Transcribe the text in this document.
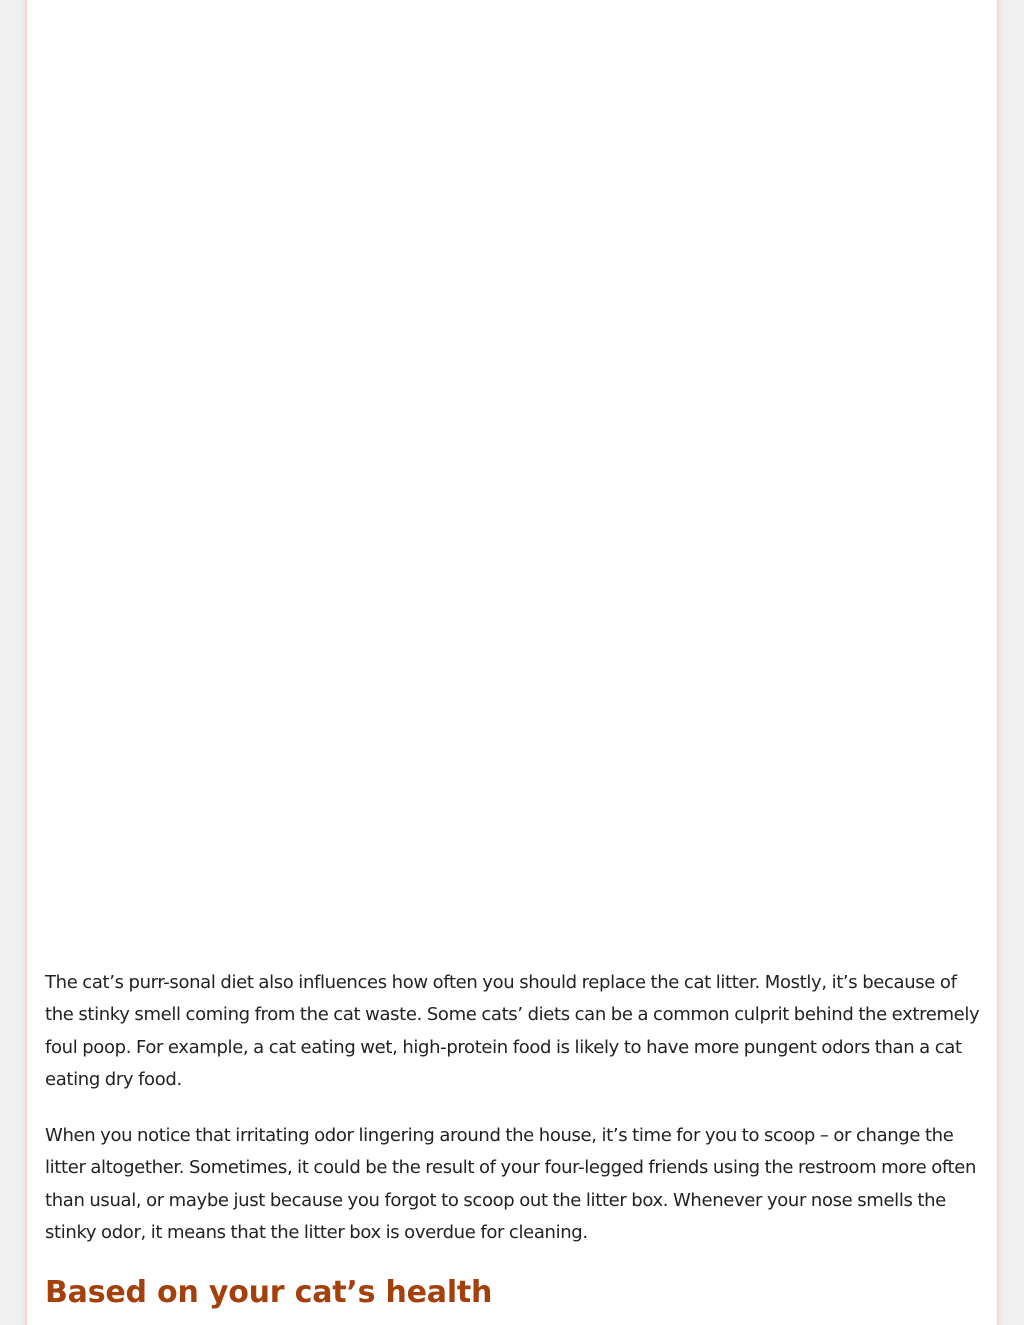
The cat’s purr-sonal diet also influences how often you should replace the cat litter. Mostly, it’s because of the stinky smell coming from the cat waste. Some cats’ diets can be a common culprit behind the extremely foul poop. For example, a cat eating wet, high-protein food is likely to have more pungent odors than a cat eating dry food.

When you notice that irritating odor lingering around the house, it’s time for you to scoop – or change the litter altogether. Sometimes, it could be the result of your four-legged friends using the restroom more often than usual, or maybe just because you forgot to scoop out the litter box. Whenever your nose smells the stinky odor, it means that the litter box is overdue for cleaning.

Based on your cat’s health
